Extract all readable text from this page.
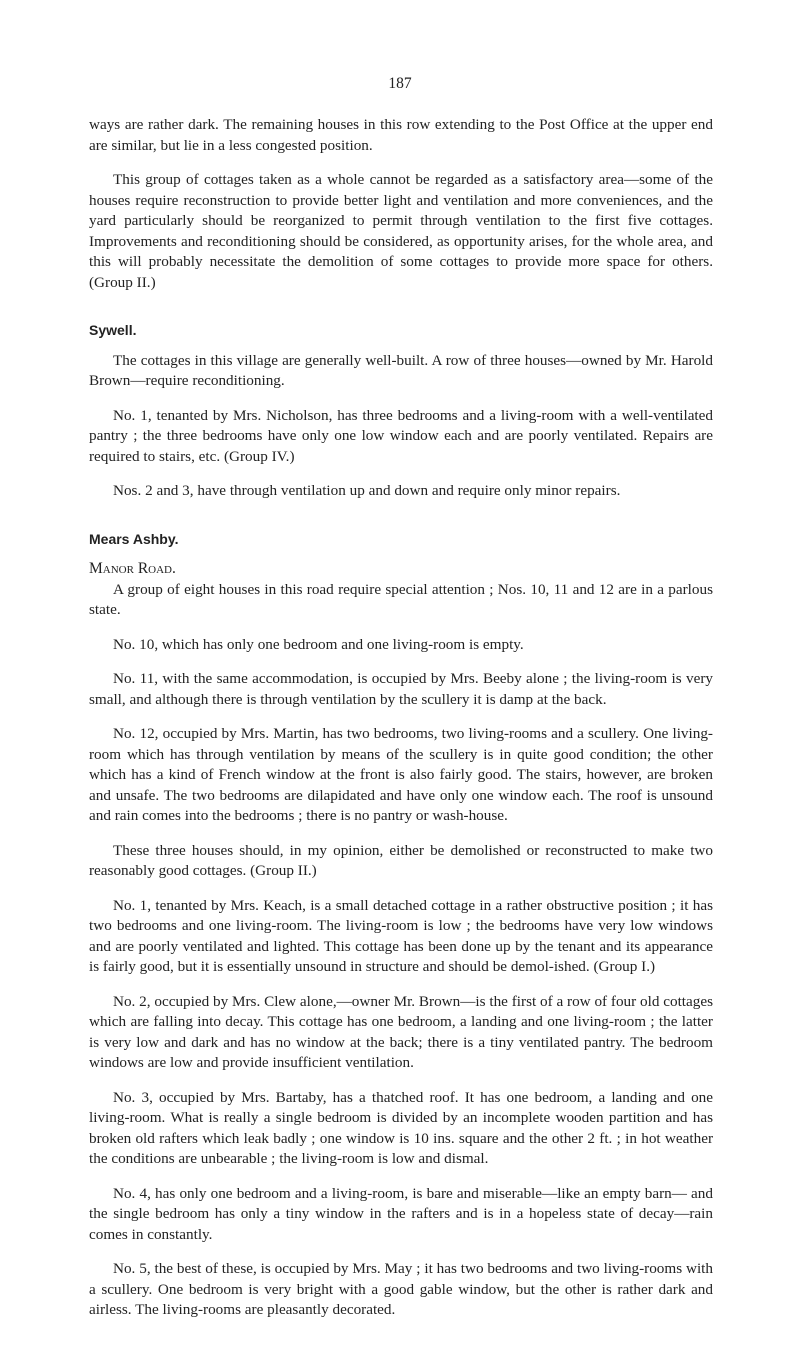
187

ways are rather dark. The remaining houses in this row extending to the Post Office at the upper end are similar, but lie in a less congested position.

This group of cottages taken as a whole cannot be regarded as a satisfactory area—some of the houses require reconstruction to provide better light and ventilation and more conveniences, and the yard particularly should be reorganized to permit through ventilation to the first five cottages. Improvements and reconditioning should be considered, as opportunity arises, for the whole area, and this will probably necessitate the demolition of some cottages to provide more space for others. (Group II.)

Sywell.

The cottages in this village are generally well-built. A row of three houses—owned by Mr. Harold Brown—require reconditioning.

No. 1, tenanted by Mrs. Nicholson, has three bedrooms and a living-room with a well-ventilated pantry ; the three bedrooms have only one low window each and are poorly ventilated. Repairs are required to stairs, etc. (Group IV.)

Nos. 2 and 3, have through ventilation up and down and require only minor repairs.

Mears Ashby.

Manor Road.

A group of eight houses in this road require special attention ; Nos. 10, 11 and 12 are in a parlous state.

No. 10, which has only one bedroom and one living-room is empty.

No. 11, with the same accommodation, is occupied by Mrs. Beeby alone ; the living-room is very small, and although there is through ventilation by the scullery it is damp at the back.

No. 12, occupied by Mrs. Martin, has two bedrooms, two living-rooms and a scullery. One living-room which has through ventilation by means of the scullery is in quite good condition; the other which has a kind of French window at the front is also fairly good. The stairs, however, are broken and unsafe. The two bedrooms are dilapidated and have only one window each. The roof is unsound and rain comes into the bedrooms ; there is no pantry or wash-house.

These three houses should, in my opinion, either be demolished or reconstructed to make two reasonably good cottages. (Group II.)

No. 1, tenanted by Mrs. Keach, is a small detached cottage in a rather obstructive position ; it has two bedrooms and one living-room. The living-room is low ; the bedrooms have very low windows and are poorly ventilated and lighted. This cottage has been done up by the tenant and its appearance is fairly good, but it is essentially unsound in structure and should be demol-ished. (Group I.)

No. 2, occupied by Mrs. Clew alone,—owner Mr. Brown—is the first of a row of four old cottages which are falling into decay. This cottage has one bedroom, a landing and one living-room ; the latter is very low and dark and has no window at the back; there is a tiny ventilated pantry. The bedroom windows are low and provide insufficient ventilation.

No. 3, occupied by Mrs. Bartaby, has a thatched roof. It has one bedroom, a landing and one living-room. What is really a single bedroom is divided by an incomplete wooden partition and has broken old rafters which leak badly ; one window is 10 ins. square and the other 2 ft. ; in hot weather the conditions are unbearable ; the living-room is low and dismal.

No. 4, has only one bedroom and a living-room, is bare and miserable—like an empty barn— and the single bedroom has only a tiny window in the rafters and is in a hopeless state of decay—rain comes in constantly.

No. 5, the best of these, is occupied by Mrs. May ; it has two bedrooms and two living-rooms with a scullery. One bedroom is very bright with a good gable window, but the other is rather dark and airless. The living-rooms are pleasantly decorated.
